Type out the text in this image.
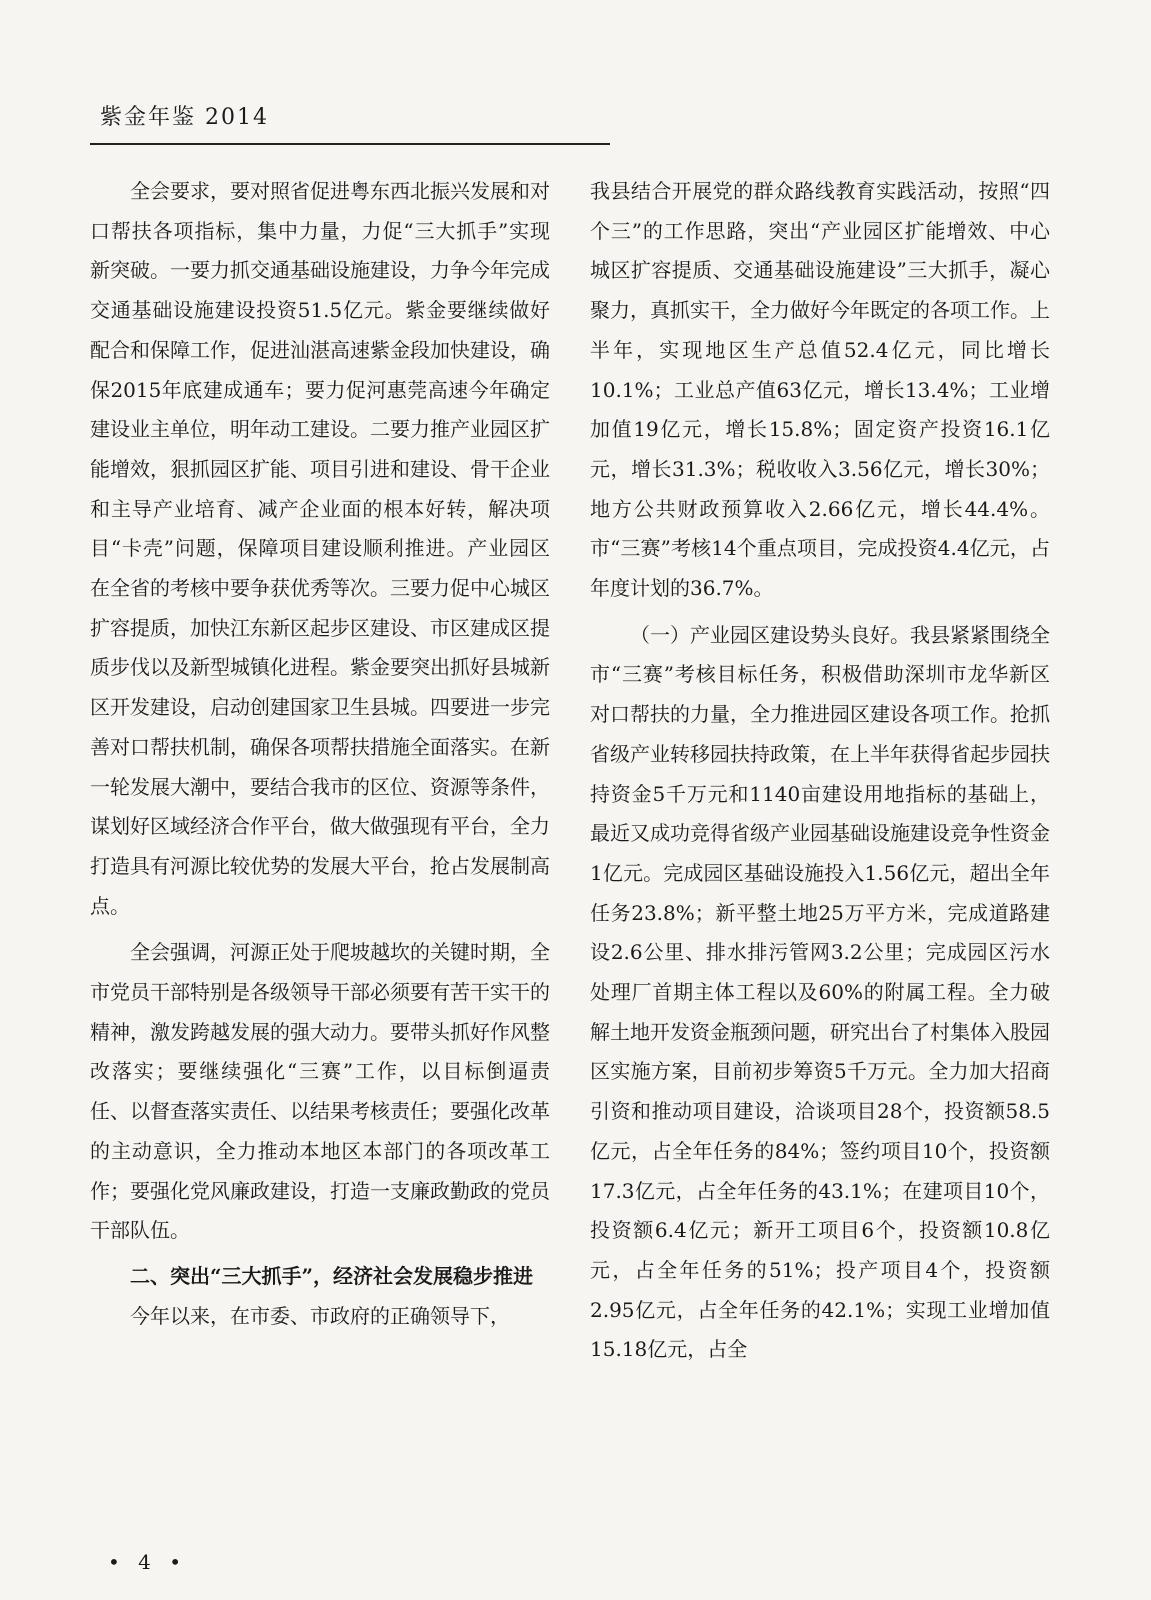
紫金年鉴 2014

全会要求，要对照省促进粤东西北振兴发展和对口帮扶各项指标，集中力量，力促“三大抓手”实现新突破。一要力抓交通基础设施建设，力争今年完成交通基础设施建设投资51.5亿元。紫金要继续做好配合和保障工作，促进汕湛高速紫金段加快建设，确保2015年底建成通车；要力促河惠莞高速今年确定建设业主单位，明年动工建设。二要力推产业园区扩能增效，狠抓园区扩能、项目引进和建设、骨干企业和主导产业培育、减产企业面的根本好转，解决项目“卡壳”问题，保障项目建设顺利推进。产业园区在全省的考核中要争获优秀等次。三要力促中心城区扩容提质，加快江东新区起步区建设、市区建成区提质步伐以及新型城镇化进程。紫金要突出抓好县城新区开发建设，启动创建国家卫生县城。四要进一步完善对口帮扶机制，确保各项帮扶措施全面落实。在新一轮发展大潮中，要结合我市的区位、资源等条件，谋划好区域经济合作平台，做大做强现有平台，全力打造具有河源比较优势的发展大平台，抢占发展制高点。

全会强调，河源正处于爬坡越坎的关键时期，全市党员干部特别是各级领导干部必须要有苦干实干的精神，激发跨越发展的强大动力。要带头抓好作风整改落实；要继续强化“三赛”工作，以目标倒逼责任、以督查落实责任、以结果考核责任；要强化改革的主动意识，全力推动本地区本部门的各项改革工作；要强化党风廉政建设，打造一支廉政勤政的党员干部队伍。

二、突出“三大抓手”，经济社会发展稳步推进

今年以来，在市委、市政府的正确领导下，

我县结合开展党的群众路线教育实践活动，按照“四个三”的工作思路，突出“产业园区扩能增效、中心城区扩容提质、交通基础设施建设”三大抓手，凝心聚力，真抓实干，全力做好今年既定的各项工作。上半年，实现地区生产总值52.4亿元，同比增长10.1%；工业总产值63亿元，增长13.4%；工业增加值19亿元，增长15.8%；固定资产投资16.1亿元，增长31.3%；税收收入3.56亿元，增长30%；地方公共财政预算收入2.66亿元，增长44.4%。市“三赛”考核14个重点项目，完成投资4.4亿元，占年度计划的36.7%。

（一）产业园区建设势头良好。我县紧紧围绕全市“三赛”考核目标任务，积极借助深圳市龙华新区对口帮扶的力量，全力推进园区建设各项工作。抢抓省级产业转移园扶持政策，在上半年获得省起步园扶持资金5千万元和1140亩建设用地指标的基础上，最近又成功竞得省级产业园基础设施建设竞争性资金1亿元。完成园区基础设施投入1.56亿元，超出全年任务23.8%；新平整土地25万平方米，完成道路建设2.6公里、排水排污管网3.2公里；完成园区污水处理厂首期主体工程以及60%的附属工程。全力破解土地开发资金瓶颈问题，研究出台了村集体入股园区实施方案，目前初步筹资5千万元。全力加大招商引资和推动项目建设，洽谈项目28个，投资额58.5亿元，占全年任务的84%；签约项目10个，投资额17.3亿元，占全年任务的43.1%；在建项目10个，投资额6.4亿元；新开工项目6个，投资额10.8亿元，占全年任务的51%；投产项目4个，投资额2.95亿元，占全年任务的42.1%；实现工业增加值15.18亿元，占全

• 4 •
